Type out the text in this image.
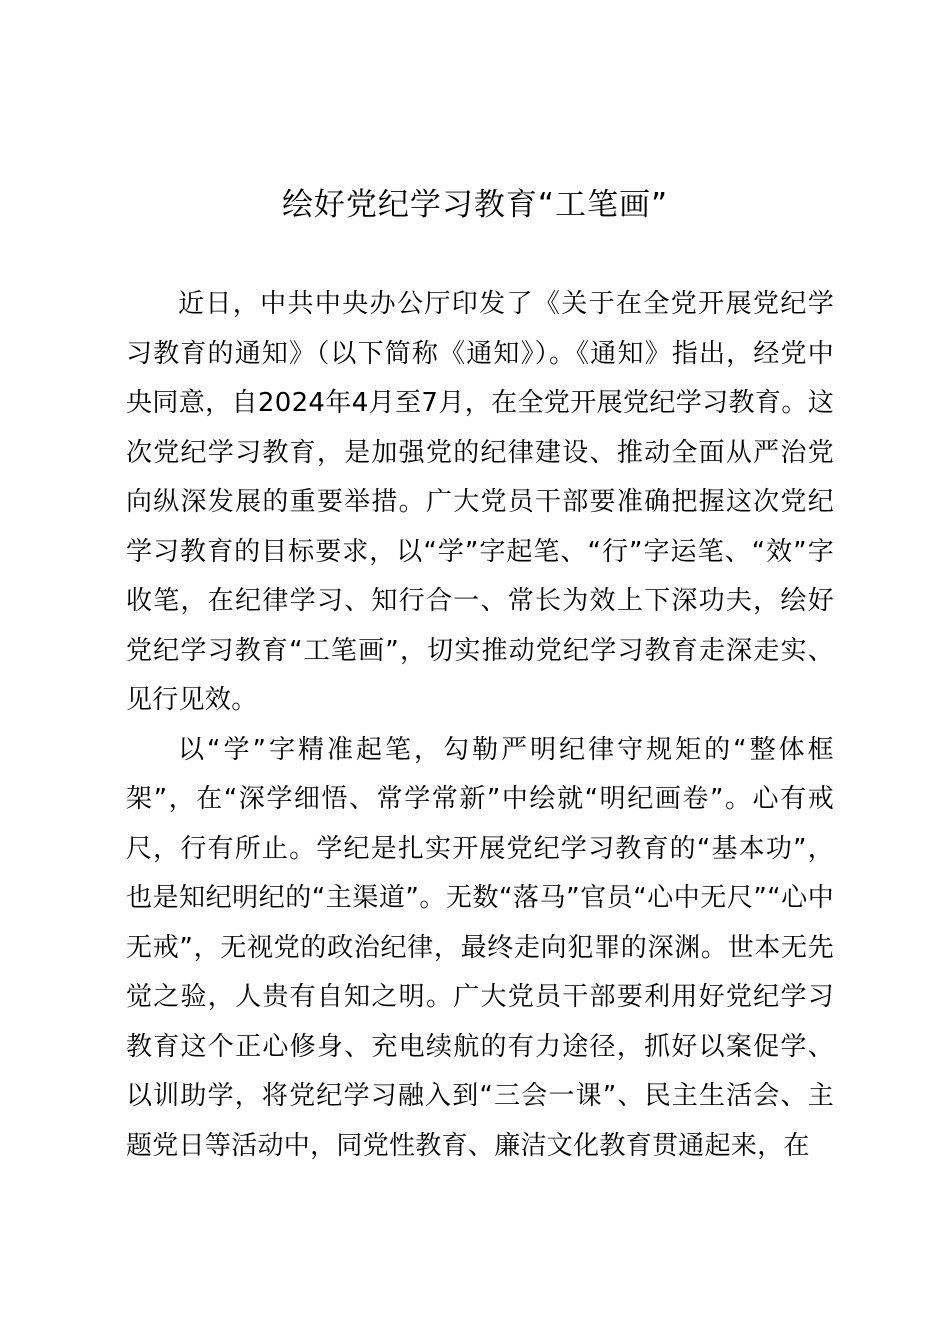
绘好党纪学习教育“工笔画”

近日，中共中央办公厅印发了《关于在全党开展党纪学习教育的通知》（以下简称《通知》）。《通知》指出，经党中央同意，自2024年4月至7月，在全党开展党纪学习教育。这次党纪学习教育，是加强党的纪律建设、推动全面从严治党向纵深发展的重要举措。广大党员干部要准确把握这次党纪学习教育的目标要求，以“学”字起笔、“行”字运笔、“效”字收笔，在纪律学习、知行合一、常长为效上下深功夫，绘好党纪学习教育“工笔画”，切实推动党纪学习教育走深走实、见行见效。

以“学”字精准起笔，勾勒严明纪律守规矩的“整体框架”，在“深学细悟、常学常新”中绘就“明纪画卷”。心有戒尺，行有所止。学纪是扎实开展党纪学习教育的“基本功”，也是知纪明纪的“主渠道”。无数“落马”官员“心中无尺”“心中无戒”，无视党的政治纪律，最终走向犯罪的深渊。世本无先觉之验，人贵有自知之明。广大党员干部要利用好党纪学习教育这个正心修身、充电续航的有力途径，抓好以案促学、以训助学，将党纪学习融入到“三会一课”、民主生活会、主题党日等活动中，同党性教育、廉洁文化教育贯通起来，在
